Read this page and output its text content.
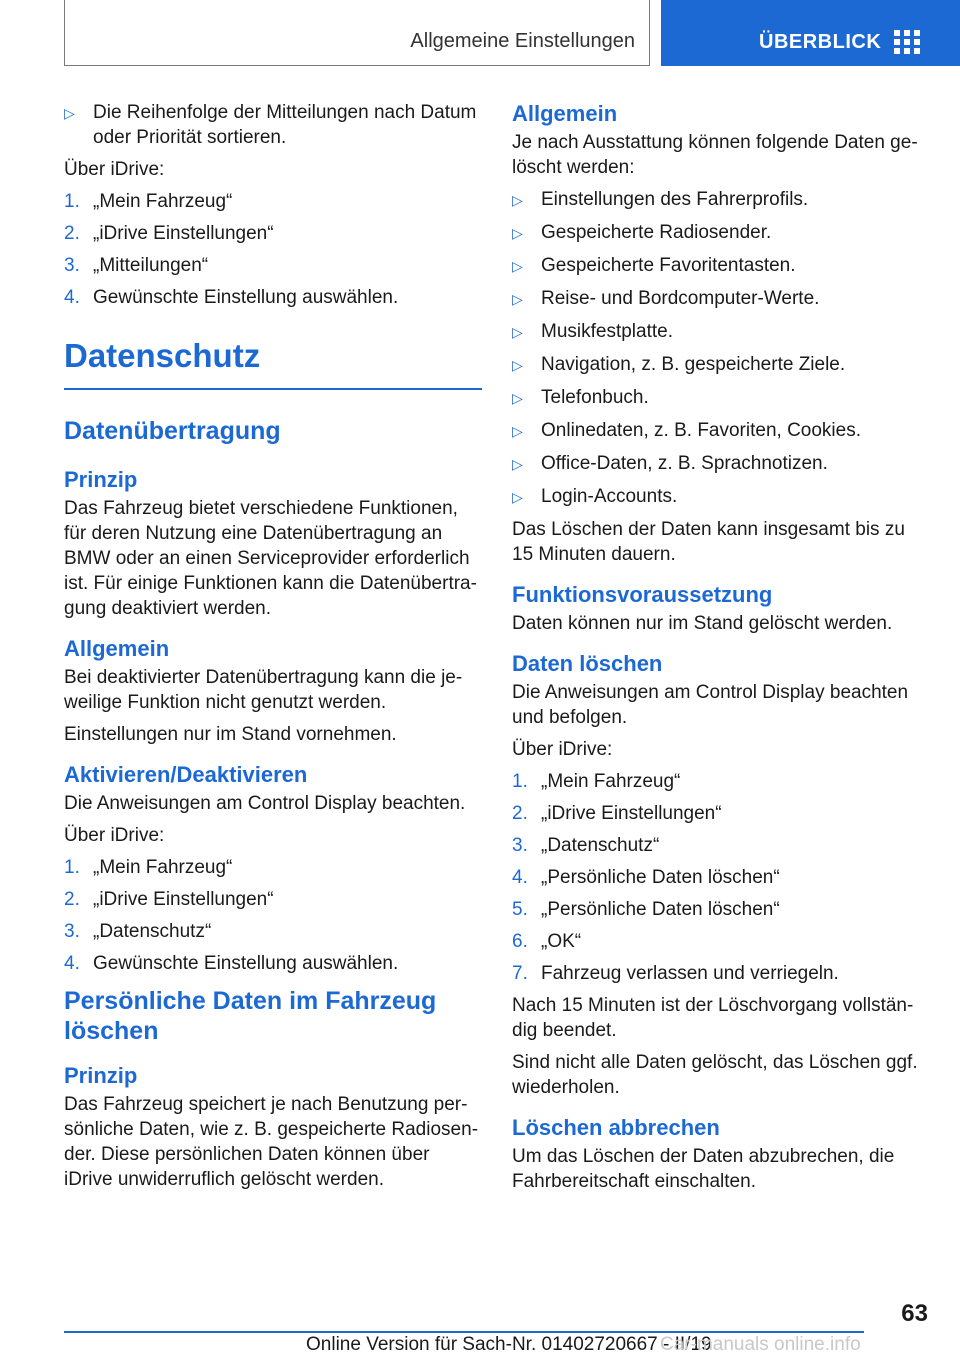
Allgemeine Einstellungen	ÜBERBLICK
▷ Die Reihenfolge der Mitteilungen nach Datum oder Priorität sortieren.

Über iDrive:

1. „Mein Fahrzeug“
2. „iDrive Einstellungen“
3. „Mitteilungen“
4. Gewünschte Einstellung auswählen.
Datenschutz
Datenübertragung
Prinzip

Das Fahrzeug bietet verschiedene Funktionen, für deren Nutzung eine Datenübertragung an BMW oder an einen Serviceprovider erforderlich ist. Für einige Funktionen kann die Datenübertragung deaktiviert werden.

Allgemein

Bei deaktivierter Datenübertragung kann die jeweilige Funktion nicht genutzt werden.

Einstellungen nur im Stand vornehmen.

Aktivieren/Deaktivieren

Die Anweisungen am Control Display beachten.

Über iDrive:

1. „Mein Fahrzeug“
2. „iDrive Einstellungen“
3. „Datenschutz“
4. Gewünschte Einstellung auswählen.
Persönliche Daten im Fahrzeug löschen
Prinzip

Das Fahrzeug speichert je nach Benutzung persönliche Daten, wie z. B. gespeicherte Radiosender. Diese persönlichen Daten können über iDrive unwiderruflich gelöscht werden.

Allgemein

Je nach Ausstattung können folgende Daten gelöscht werden:

▷ Einstellungen des Fahrerprofils.
▷ Gespeicherte Radiosender.
▷ Gespeicherte Favoritentasten.
▷ Reise- und Bordcomputer-Werte.
▷ Musikfestplatte.
▷ Navigation, z. B. gespeicherte Ziele.
▷ Telefonbuch.
▷ Onlinedaten, z. B. Favoriten, Cookies.
▷ Office-Daten, z. B. Sprachnotizen.
▷ Login-Accounts.

Das Löschen der Daten kann insgesamt bis zu 15 Minuten dauern.

Funktionsvoraussetzung

Daten können nur im Stand gelöscht werden.

Daten löschen

Die Anweisungen am Control Display beachten und befolgen.

Über iDrive:

1. „Mein Fahrzeug“
2. „iDrive Einstellungen“
3. „Datenschutz“
4. „Persönliche Daten löschen“
5. „Persönliche Daten löschen“
6. „OK“
7. Fahrzeug verlassen und verriegeln.

Nach 15 Minuten ist der Löschvorgang vollständig beendet.

Sind nicht alle Daten gelöscht, das Löschen ggf. wiederholen.

Löschen abbrechen

Um das Löschen der Daten abzubrechen, die Fahrbereitschaft einschalten.

63
Online Version für Sach-Nr. 01402720667 - II/19
Car-manuals online.info
